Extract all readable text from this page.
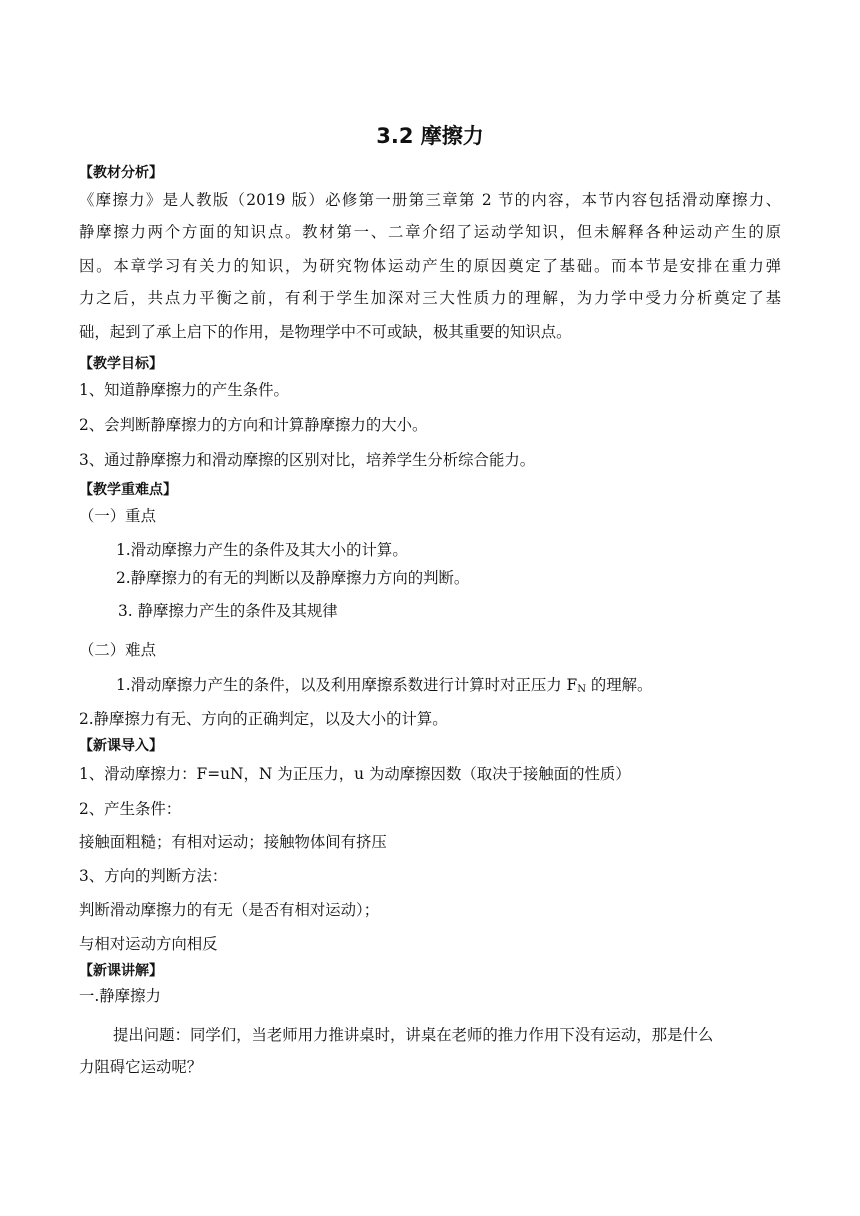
3.2 摩擦力
【教材分析】
《摩擦力》是人教版（2019 版）必修第一册第三章第 2 节的内容，本节内容包括滑动摩擦力、
静摩擦力两个方面的知识点。教材第一、二章介绍了运动学知识，但未解释各种运动产生的原
因。本章学习有关力的知识，为研究物体运动产生的原因奠定了基础。而本节是安排在重力弹
力之后，共点力平衡之前，有利于学生加深对三大性质力的理解，为力学中受力分析奠定了基
础，起到了承上启下的作用，是物理学中不可或缺，极其重要的知识点。
【教学目标】
1、知道静摩擦力的产生条件。
2、会判断静摩擦力的方向和计算静摩擦力的大小。
3、通过静摩擦力和滑动摩擦的区别对比，培养学生分析综合能力。
【教学重难点】
（一）重点
1.滑动摩擦力产生的条件及其大小的计算。
2.静摩擦力的有无的判断以及静摩擦力方向的判断。
3. 静摩擦力产生的条件及其规律
（二）难点
1.滑动摩擦力产生的条件，以及利用摩擦系数进行计算时对正压力 $F_N$ 的理解。
2.静摩擦力有无、方向的正确判定，以及大小的计算。
【新课导入】
1、滑动摩擦力：F=uN，N 为正压力，u 为动摩擦因数（取决于接触面的性质）
2、产生条件：
接触面粗糙；有相对运动；接触物体间有挤压
3、方向的判断方法：
判断滑动摩擦力的有无（是否有相对运动）；
与相对运动方向相反
【新课讲解】
一.静摩擦力
提出问题：同学们，当老师用力推讲桌时，讲桌在老师的推力作用下没有运动，那是什么
力阻碍它运动呢？
